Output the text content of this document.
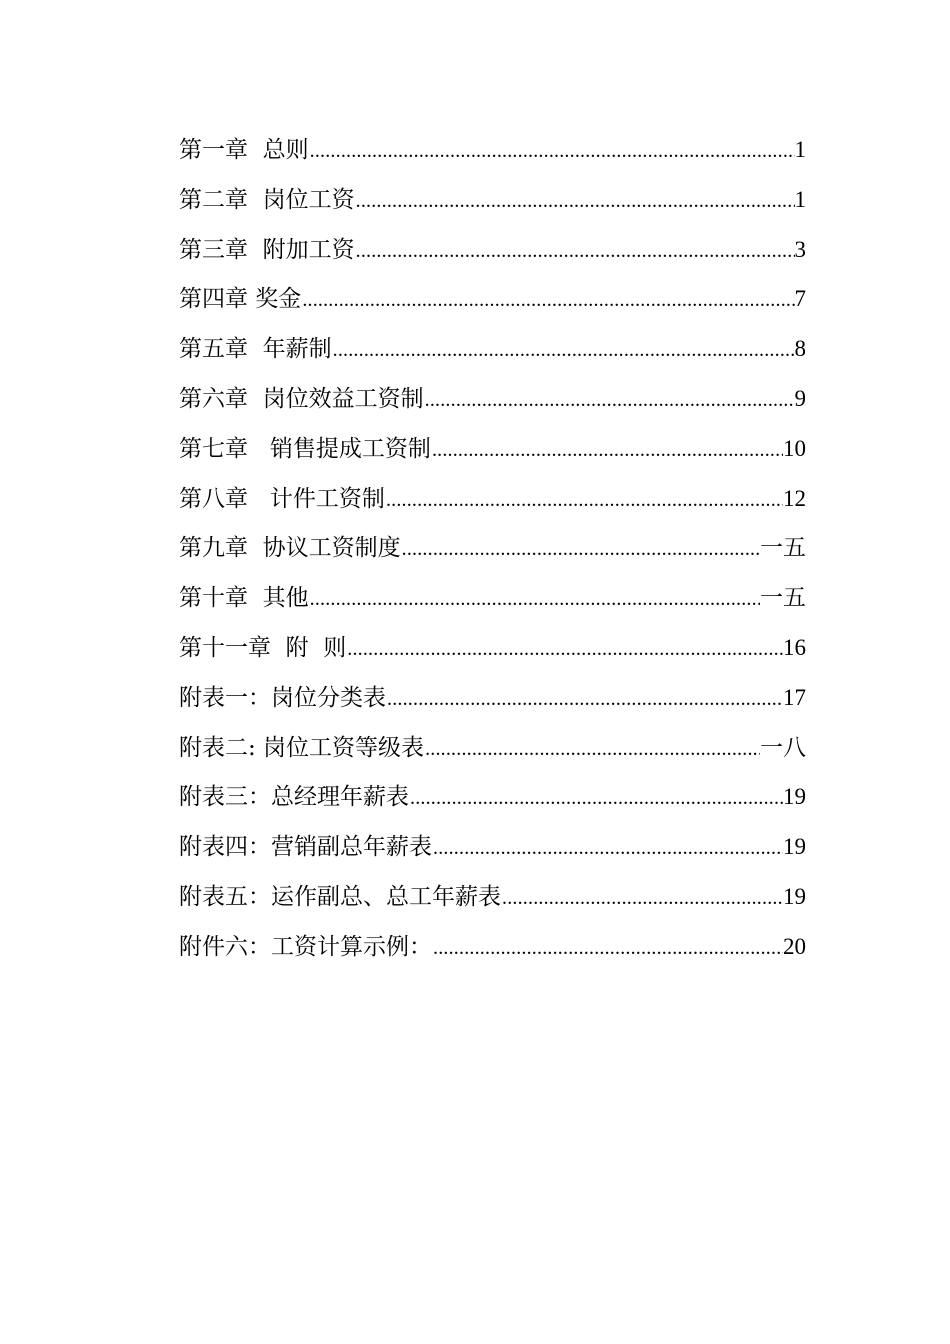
第一章  总则 .....	1
第二章  岗位工资 .....	1
第三章  附加工资 .....	3
第四章 奖金 .....	7
第五章  年薪制 .....	8
第六章  岗位效益工资制 .....	9
第七章   销售提成工资制 .....	10
第八章   计件工资制 .....	12
第九章  协议工资制度 .....	一五
第十章  其他 .....	一五
第十一章  附  则 .....	16
附表一：岗位分类表 .....	17
附表二: 岗位工资等级表 .....	一八
附表三：总经理年薪表 .....	19
附表四：营销副总年薪表 .....	19
附表五：运作副总、总工年薪表 .....	19
附件六：工资计算示例： .....	20
